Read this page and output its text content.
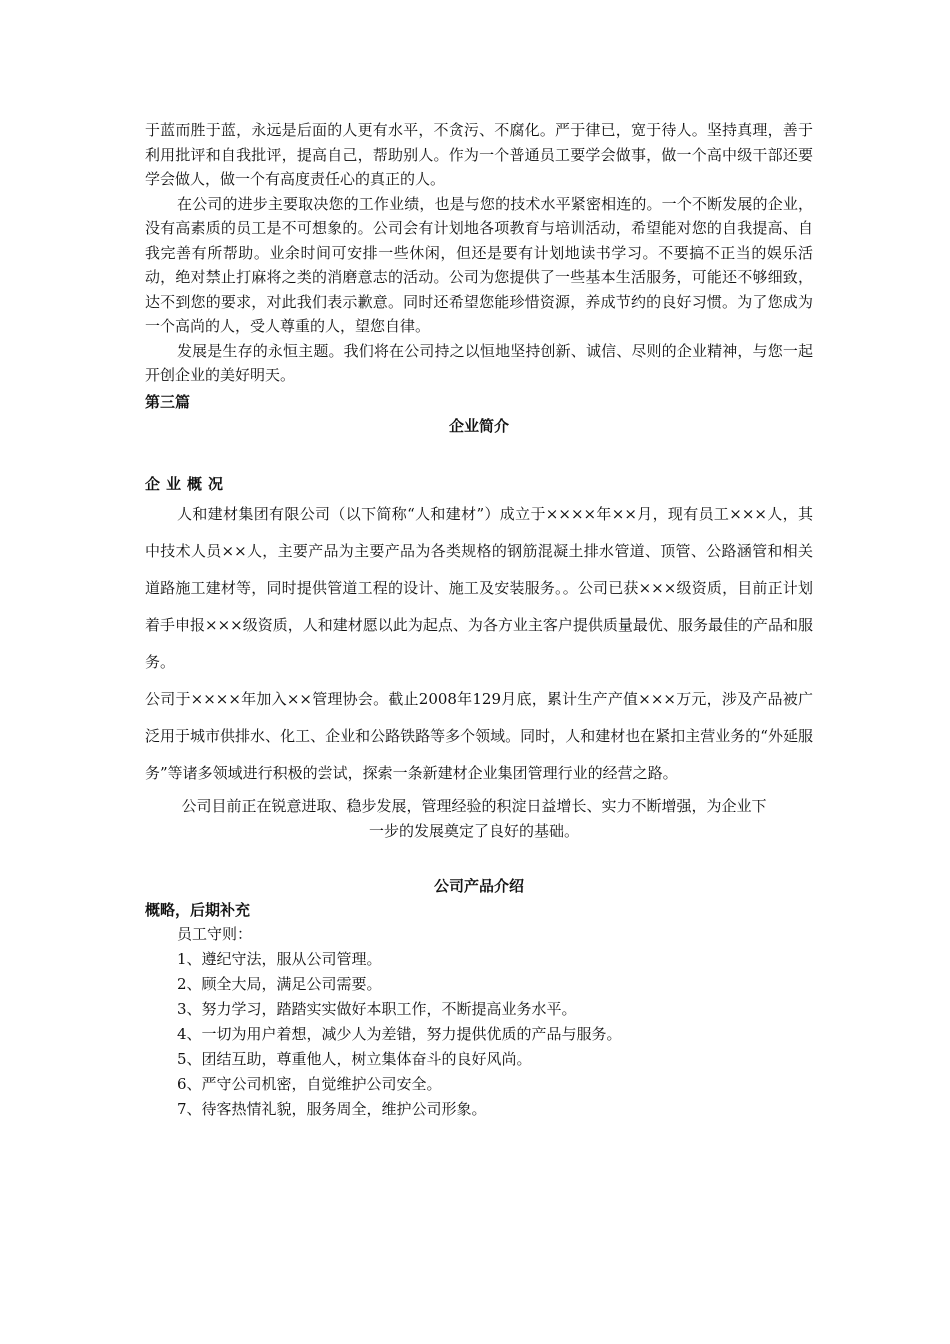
于蓝而胜于蓝，永远是后面的人更有水平，不贪污、不腐化。严于律已，宽于待人。坚持真理，善于利用批评和自我批评，提高自己，帮助别人。作为一个普通员工要学会做事，做一个高中级干部还要学会做人，做一个有高度责任心的真正的人。

在公司的进步主要取决您的工作业绩，也是与您的技术水平紧密相连的。一个不断发展的企业，没有高素质的员工是不可想象的。公司会有计划地各项教育与培训活动，希望能对您的自我提高、自我完善有所帮助。业余时间可安排一些休闲，但还是要有计划地读书学习。不要搞不正当的娱乐活动，绝对禁止打麻将之类的消磨意志的活动。公司为您提供了一些基本生活服务，可能还不够细致，达不到您的要求，对此我们表示歉意。同时还希望您能珍惜资源，养成节约的良好习惯。为了您成为一个高尚的人，受人尊重的人，望您自律。

发展是生存的永恒主题。我们将在公司持之以恒地坚持创新、诚信、尽则的企业精神，与您一起开创企业的美好明天。

第三篇
企业简介
企业概况

人和建材集团有限公司（以下简称“人和建材”）成立于××××年××月，现有员工×××人，其中技术人员××人，主要产品为主要产品为各类规格的钢筋混凝土排水管道、顶管、公路涵管和相关道路施工建材等，同时提供管道工程的设计、施工及安装服务。。公司已获×××级资质，目前正计划着手申报×××级资质，人和建材愿以此为起点、为各方业主客户提供质量最优、服务最佳的产品和服务。

公司于××××年加入××管理协会。截止2008年129月底，累计生产产值×××万元，涉及产品被广泛用于城市供排水、化工、企业和公路铁路等多个领域。同时，人和建材也在紧扣主营业务的“外延服务”等诸多领域进行积极的尝试，探索一条新建材企业集团管理行业的经营之路。

公司目前正在锐意进取、稳步发展，管理经验的积淀日益增长、实力不断增强，为企业下
一步的发展奠定了良好的基础。
公司产品介绍
概略，后期补充

员工守则：

1、遵纪守法，服从公司管理。

2、顾全大局，满足公司需要。

3、努力学习，踏踏实实做好本职工作，不断提高业务水平。

4、一切为用户着想，减少人为差错，努力提供优质的产品与服务。

5、团结互助，尊重他人，树立集体奋斗的良好风尚。

6、严守公司机密，自觉维护公司安全。

7、待客热情礼貌，服务周全，维护公司形象。
